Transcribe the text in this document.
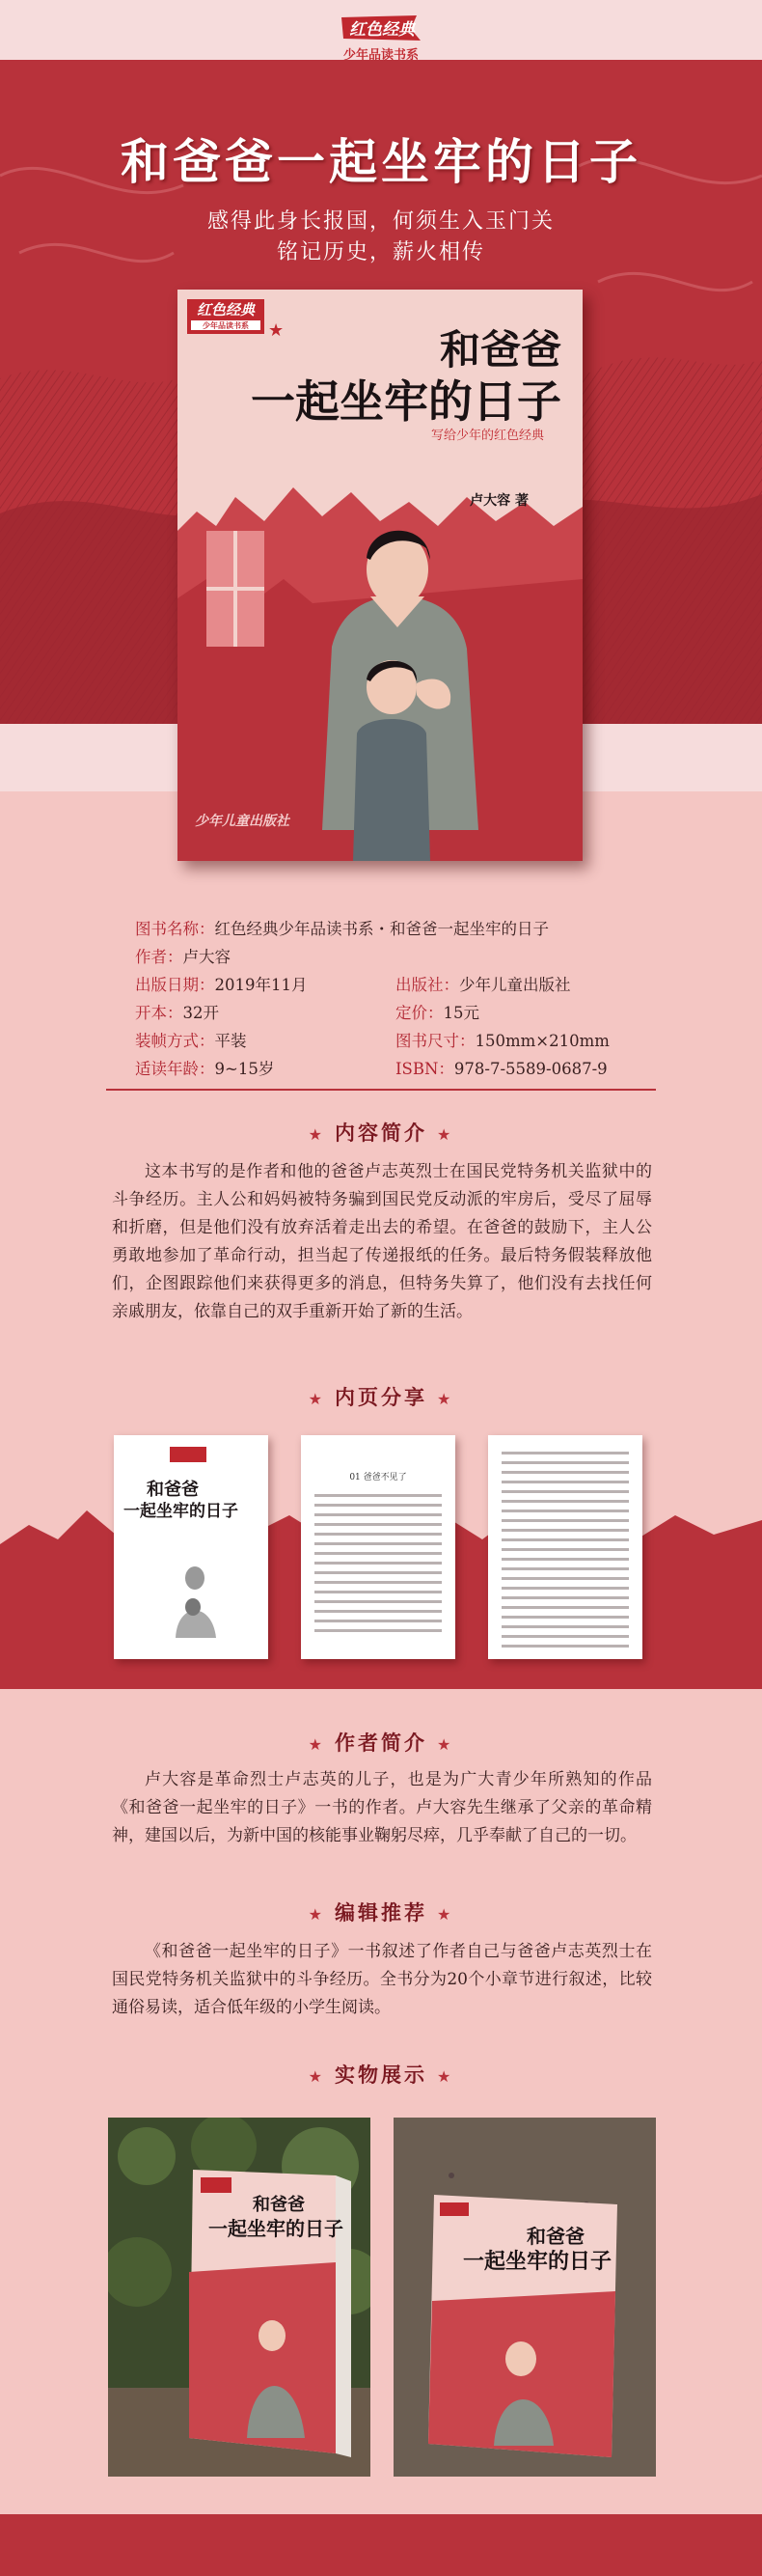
少年品读书系
红色经典
和爸爸一起坐牢的日子
感得此身长报国，何须生入玉门关
铭记历史，薪火相传
红色经典
少年品读书系	★	和爸爸
一起坐牢的日子
写给少年的红色经典
卢大容 著
少年儿童出版社
图书名称： 红色经典少年品读书系・和爸爸一起坐牢的日子
作者： 卢大容
出版日期：2019年11月	出版社：少年儿童出版社
开本：32开	定价：15元
装帧方式：平装	图书尺寸：150mm×210mm
适读年龄：9~15岁	ISBN：978-7-5589-0687-9
★ 内容简介 ★
这本书写的是作者和他的爸爸卢志英烈士在国民党特务机关监狱中的斗争经历。主人公和妈妈被特务骗到国民党反动派的牢房后，受尽了屈辱和折磨，但是他们没有放弃活着走出去的希望。在爸爸的鼓励下，主人公勇敢地参加了革命行动，担当起了传递报纸的任务。最后特务假装释放他们，企图跟踪他们来获得更多的消息，但特务失算了，他们没有去找任何亲戚朋友，依靠自己的双手重新开始了新的生活。
★ 内页分享 ★
和爸爸
一起坐牢的日子
01 爸爸不见了
★ 作者简介 ★
卢大容是革命烈士卢志英的儿子，也是为广大青少年所熟知的作品《和爸爸一起坐牢的日子》一书的作者。卢大容先生继承了父亲的革命精神，建国以后，为新中国的核能事业鞠躬尽瘁，几乎奉献了自己的一切。
★ 编辑推荐 ★
《和爸爸一起坐牢的日子》一书叙述了作者自己与爸爸卢志英烈士在国民党特务机关监狱中的斗争经历。全书分为20个小章节进行叙述，比较通俗易读，适合低年级的小学生阅读。
★ 实物展示 ★
和爸爸
一起坐牢的日子	和爸爸
一起坐牢的日子
